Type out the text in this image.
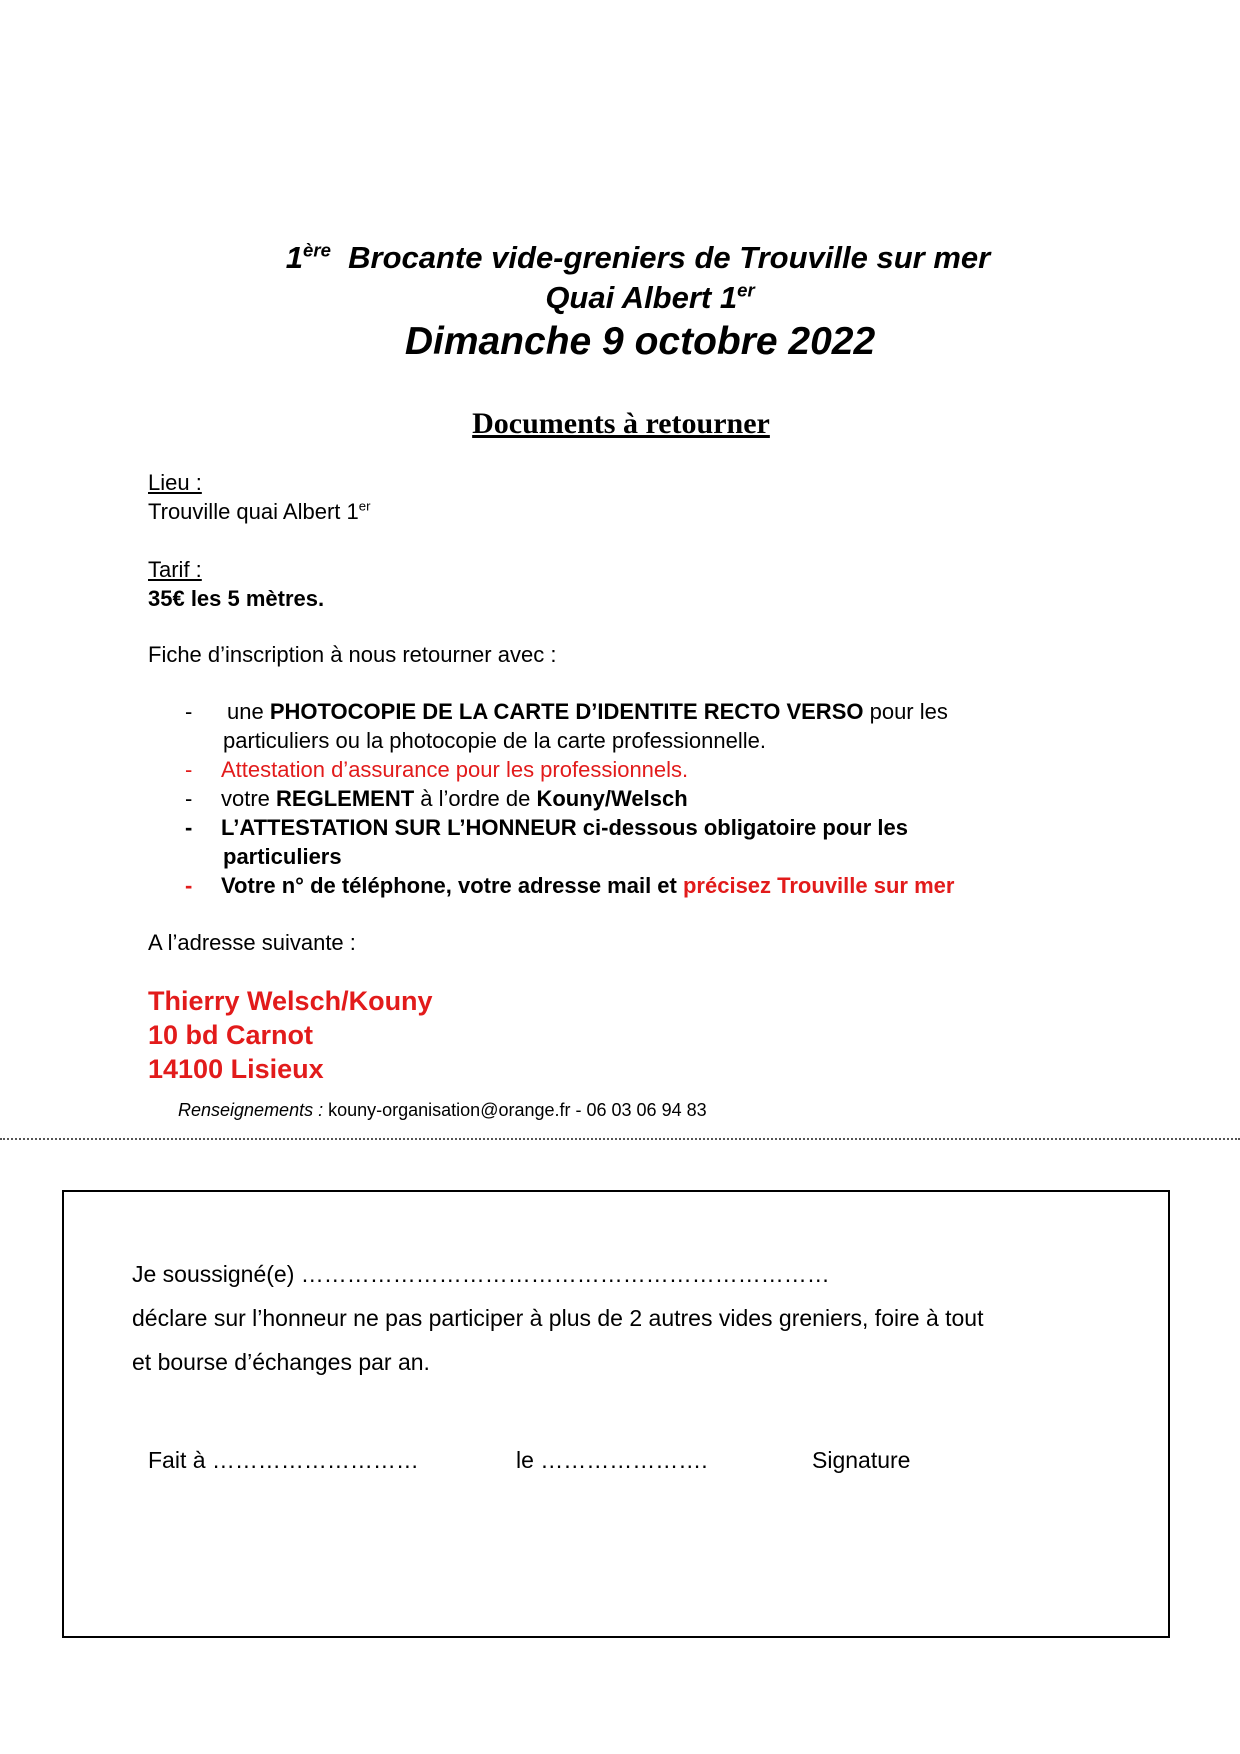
1ère Brocante vide-greniers de Trouville sur mer
Quai Albert 1er
Dimanche 9 octobre 2022
Documents à retourner
Lieu :
Trouville quai Albert 1er
Tarif :
35€ les 5 mètres.
Fiche d’inscription à nous retourner avec :
- une PHOTOCOPIE DE LA CARTE D’IDENTITE RECTO VERSO pour les
particuliers ou la photocopie de la carte professionnelle.
- Attestation d’assurance pour les professionnels.
- votre REGLEMENT à l’ordre de Kouny/Welsch
- L’ATTESTATION SUR L’HONNEUR ci-dessous obligatoire pour les
particuliers
- Votre n° de téléphone, votre adresse mail et précisez Trouville sur mer
A l’adresse suivante :
Thierry Welsch/Kouny
10 bd Carnot
14100 Lisieux
Renseignements : kouny-organisation@orange.fr - 06 03 06 94 83
Je soussigné(e) ……………………………………………………………
déclare sur l’honneur ne pas participer à plus de 2 autres vides greniers, foire à tout
et bourse d’échanges par an.
Fait à ………………………	le ………………….	Signature
